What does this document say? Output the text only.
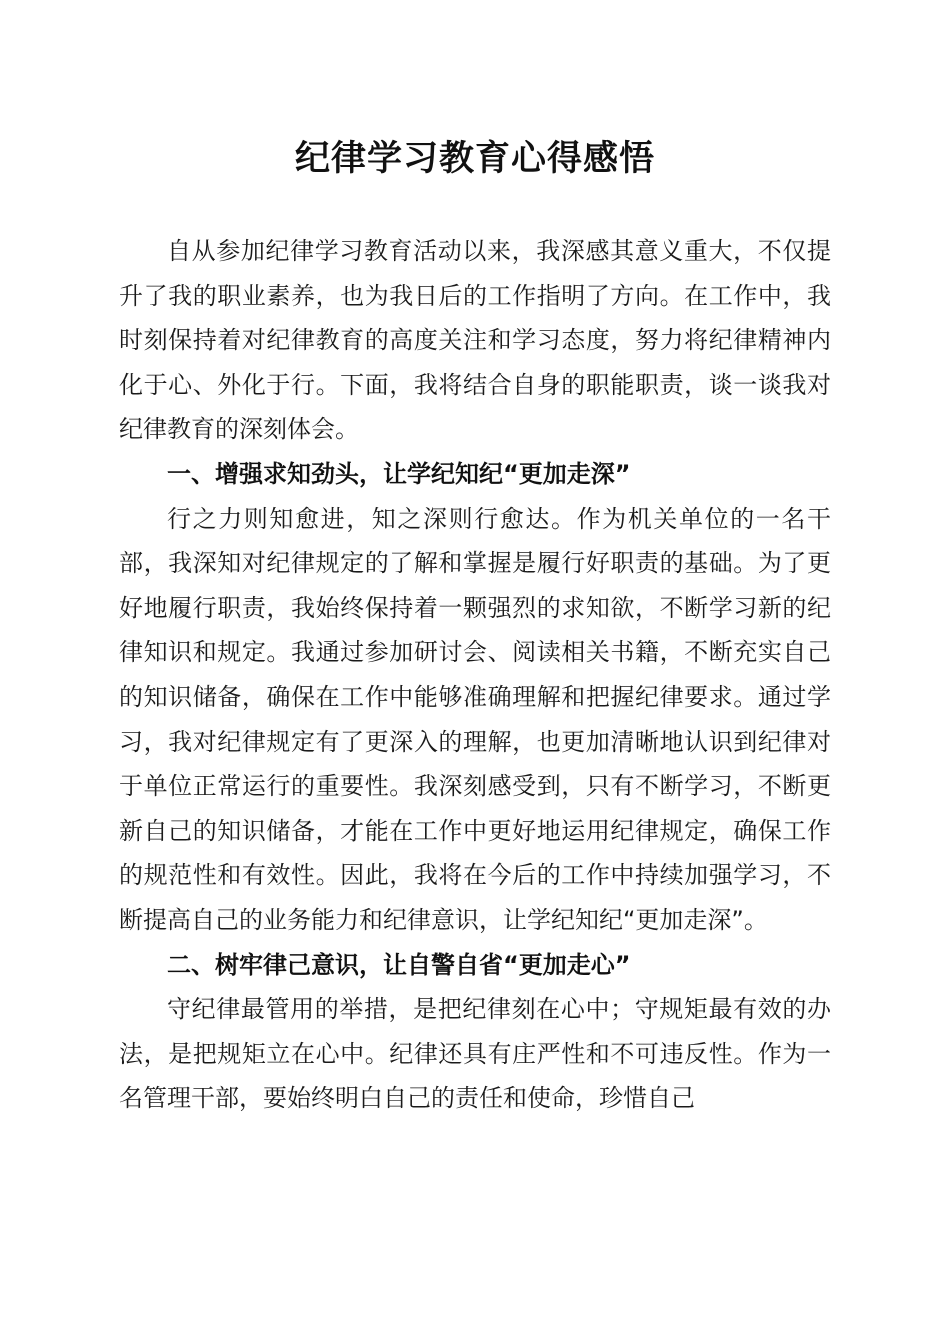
纪律学习教育心得感悟

自从参加纪律学习教育活动以来，我深感其意义重大，不仅提升了我的职业素养，也为我日后的工作指明了方向。在工作中，我时刻保持着对纪律教育的高度关注和学习态度，努力将纪律精神内化于心、外化于行。下面，我将结合自身的职能职责，谈一谈我对纪律教育的深刻体会。

一、增强求知劲头，让学纪知纪“更加走深”

行之力则知愈进，知之深则行愈达。作为机关单位的一名干部，我深知对纪律规定的了解和掌握是履行好职责的基础。为了更好地履行职责，我始终保持着一颗强烈的求知欲，不断学习新的纪律知识和规定。我通过参加研讨会、阅读相关书籍，不断充实自己的知识储备，确保在工作中能够准确理解和把握纪律要求。通过学习，我对纪律规定有了更深入的理解，也更加清晰地认识到纪律对于单位正常运行的重要性。我深刻感受到，只有不断学习，不断更新自己的知识储备，才能在工作中更好地运用纪律规定，确保工作的规范性和有效性。因此，我将在今后的工作中持续加强学习，不断提高自己的业务能力和纪律意识，让学纪知纪“更加走深”。

二、树牢律己意识，让自警自省“更加走心”

守纪律最管用的举措，是把纪律刻在心中；守规矩最有效的办法，是把规矩立在心中。纪律还具有庄严性和不可违反性。作为一名管理干部，要始终明白自己的责任和使命，珍惜自己
